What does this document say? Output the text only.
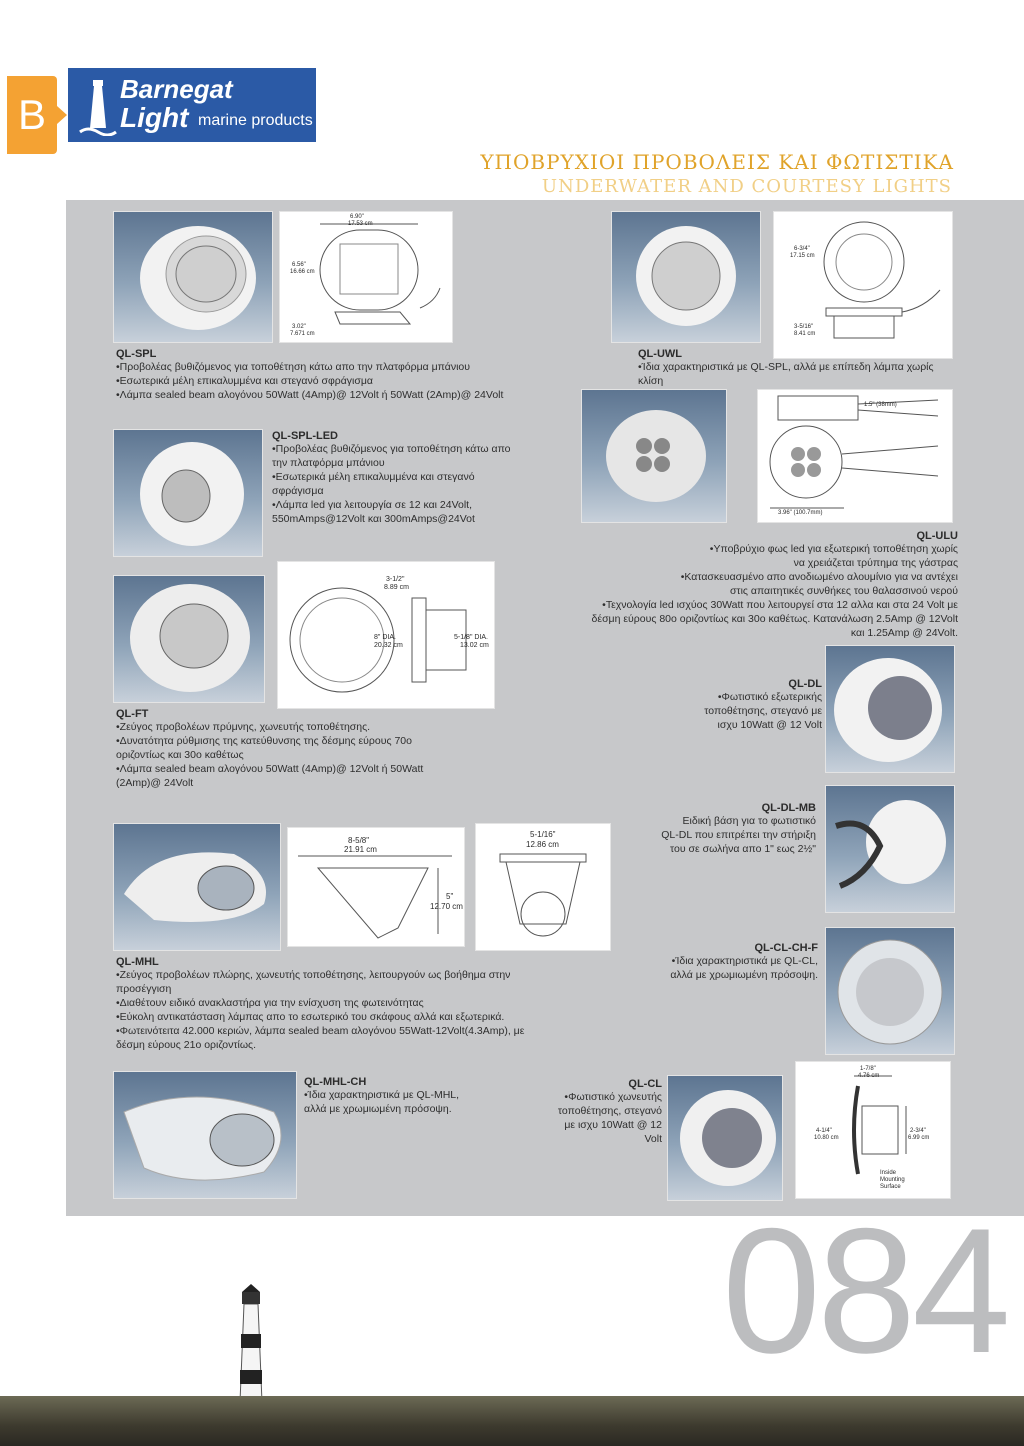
B
Barnegat
Light marine products
ΥΠΟΒΡΥΧΙΟΙ ΠΡΟΒΟΛΕΙΣ ΚΑΙ ΦΩΤΙΣΤΙΚΑ
UNDERWATER AND COURTESY LIGHTS
6.90"
17.53 cm
6.56"
16.66 cm
3.02"
7.671 cm
QL-SPL
•Προβολέας βυθιζόμενος για τοποθέτηση κάτω απο την πλατφόρμα μπάνιου
•Εσωτερικά μέλη επικαλυμμένα και στεγανό σφράγισμα
•Λάμπα sealed beam αλογόνου 50Watt (4Amp)@ 12Volt ή 50Watt (2Amp)@ 24Volt
6-3/4"
17.15 cm
3-5/16"
8.41 cm
QL-UWL
•Ίδια χαρακτηριστικά με QL-SPL, αλλά με επίπεδη λάμπα χωρίς κλίση
QL-SPL-LED
•Προβολέας βυθιζόμενος για τοποθέτηση κάτω απο
την πλατφόρμα μπάνιου
•Εσωτερικά μέλη επικαλυμμένα και στεγανό
σφράγισμα
•Λάμπα led για λειτουργία σε 12 και 24Volt,
550mAmps@12Volt και 300mAmps@24Vot
1.5" (38mm)
3.96" (100.7mm)
QL-ULU
•Υποβρύχιο φως led για εξωτερική τοποθέτηση χωρίς
να χρειάζεται τρύπημα της γάστρας
•Κατασκευασμένο απο ανοδιωμένο αλουμίνιο για να αντέχει
στις απαιτητικές συνθήκες του θαλασσινού νερού
•Τεχνολογία led ισχύος 30Watt που λειτουργεί στα 12 αλλα και στα 24 Volt με
δέσμη εύρους 80ο οριζοντίως και 30ο καθέτως. Κατανάλωση 2.5Amp @ 12Volt
και 1.25Amp @ 24Volt.
3-1/2"
8.89 cm
8" DIA.
20.32 cm
5-1/8" DIA.
13.02 cm
QL-FT
•Ζεύγος προβολέων πρύμνης, χωνευτής τοποθέτησης.
•Δυνατότητα ρύθμισης της κατεύθυνσης της δέσμης εύρους 70ο
οριζοντίως και 30ο καθέτως
•Λάμπα sealed beam αλογόνου 50Watt (4Amp)@ 12Volt ή 50Watt
(2Amp)@ 24Volt
QL-DL
•Φωτιστικό εξωτερικής
τοποθέτησης, στεγανό με
ισχυ 10Watt @ 12 Volt
QL-DL-MB
Ειδική βάση για το φωτιστικό
QL-DL που επιτρέπει την στήριξη
του σε σωλήνα απο 1" εως 2½"
8-5/8"
21.91 cm
5"
12.70 cm
5-1/16"
12.86 cm
QL-MHL
•Ζεύγος προβολέων πλώρης, χωνευτής τοποθέτησης, λειτουργούν ως βοήθημα στην
προσέγγιση
•Διαθέτουν ειδικό ανακλαστήρα για την ενίσχυση της φωτεινότητας
•Εύκολη αντικατάσταση λάμπας απο το εσωτερικό του σκάφους αλλά και εξωτερικά.
•Φωτεινότειτα 42.000 κεριών, λάμπα sealed beam αλογόνου 55Watt-12Volt(4.3Amp), με
δέσμη εύρους 21ο οριζοντίως.
QL-CL-CH-F
•Ίδια χαρακτηριστικά με QL-CL,
αλλά με χρωμιωμένη πρόσοψη.
QL-MHL-CH
•Ίδια χαρακτηριστικά με QL-MHL,
αλλά με χρωμιωμένη πρόσοψη.
QL-CL
•Φωτιστικό χωνευτής
τοποθέτησης, στεγανό
με ισχυ 10Watt @ 12
Volt
1-7/8"
4.76 cm
4-1/4"
10.80 cm
2-3/4"
6.99 cm
Inside
Mounting
Surface
084
